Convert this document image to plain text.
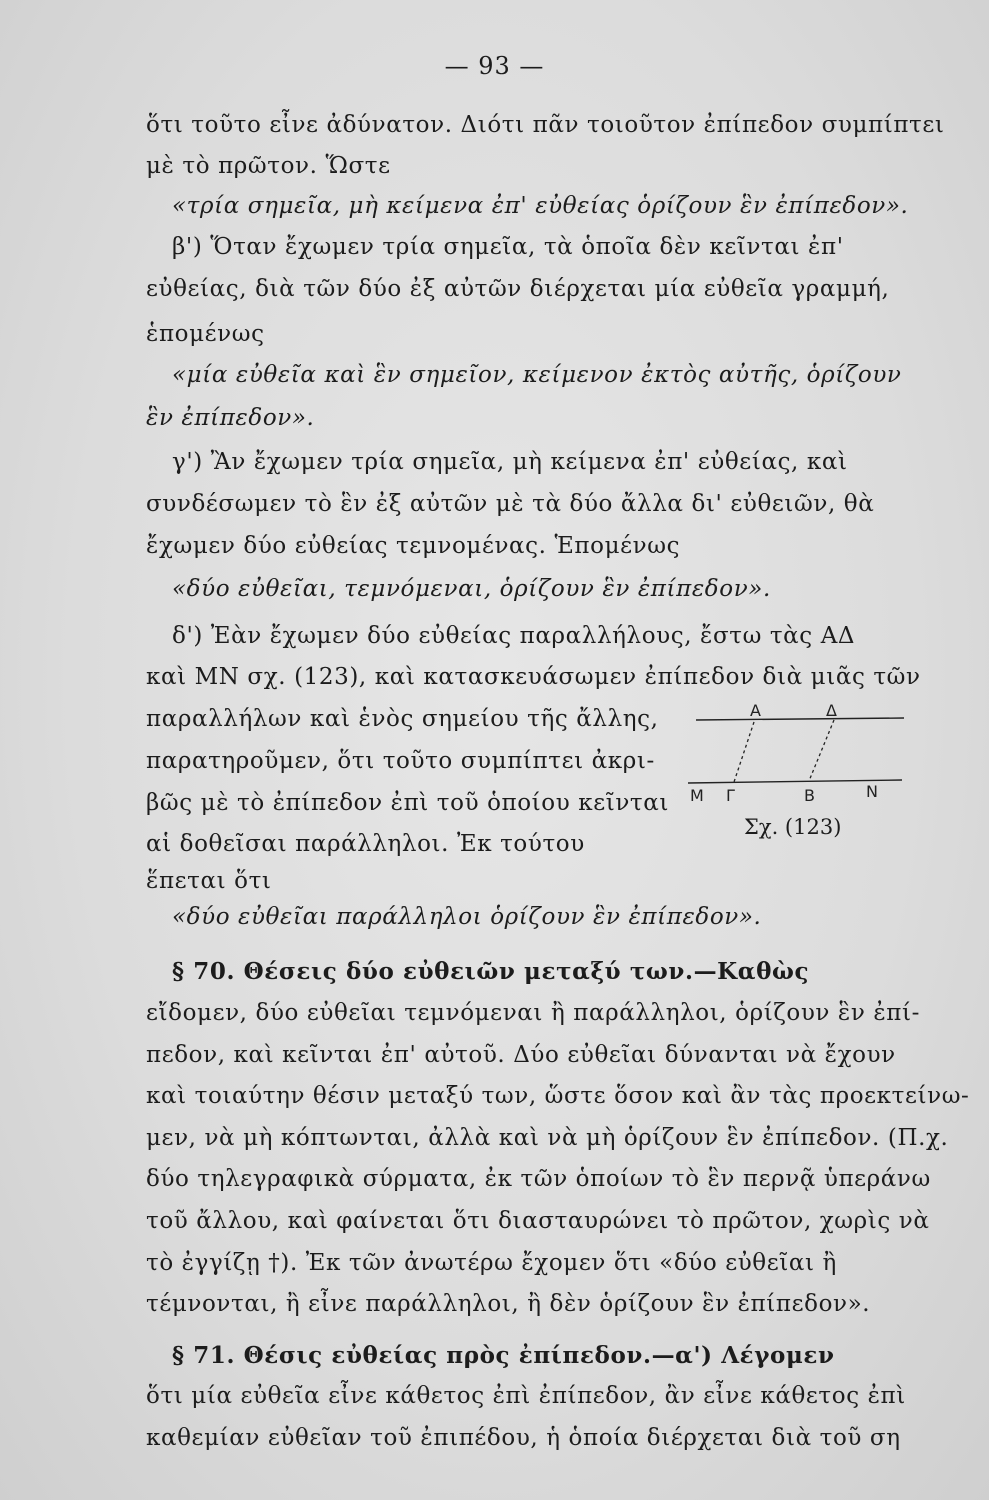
— 93 —
ὅτι τοῦτο εἶνε ἀδύνατον. Διότι πᾶν τοιοῦτον ἐπίπεδον συμπίπτει
μὲ τὸ πρῶτον. Ὥστε
«τρία σημεῖα, μὴ κείμενα ἐπ' εὐθείας ὁρίζουν ἓν ἐπίπεδον».
β') Ὅταν ἔχωμεν τρία σημεῖα, τὰ ὁποῖα δὲν κεῖνται ἐπ'
εὐθείας, διὰ τῶν δύο ἐξ αὐτῶν διέρχεται μία εὐθεῖα γραμμή,
ἑπομένως
«μία εὐθεῖα καὶ ἓν σημεῖον, κείμενον ἐκτὸς αὐτῆς, ὁρίζουν
ἓν ἐπίπεδον».
γ') Ἂν ἔχωμεν τρία σημεῖα, μὴ κείμενα ἐπ' εὐθείας, καὶ
συνδέσωμεν τὸ ἓν ἐξ αὐτῶν μὲ τὰ δύο ἄλλα δι' εὐθειῶν, θὰ
ἔχωμεν δύο εὐθείας τεμνομένας. Ἑπομένως
«δύο εὐθεῖαι, τεμνόμεναι, ὁρίζουν ἓν ἐπίπεδον».
δ') Ἐὰν ἔχωμεν δύο εὐθείας παραλλήλους, ἔστω τὰς ΑΔ
καὶ ΜΝ σχ. (123), καὶ κατασκευάσωμεν ἐπίπεδον διὰ μιᾶς τῶν
παραλλήλων καὶ ἑνὸς σημείου τῆς ἄλλης,
παρατηροῦμεν, ὅτι τοῦτο συμπίπτει ἀκρι-
βῶς μὲ τὸ ἐπίπεδον ἐπὶ τοῦ ὁποίου κεῖνται
αἱ δοθεῖσαι παράλληλοι. Ἐκ τούτου
ἕπεται ὅτι
«δύο εὐθεῖαι παράλληλοι ὁρίζουν ἓν ἐπίπεδον».
§ 70. Θέσεις δύο εὐθειῶν μεταξύ των.—Καθὼς
εἴδομεν, δύο εὐθεῖαι τεμνόμεναι ἢ παράλληλοι, ὁρίζουν ἓν ἐπί-
πεδον, καὶ κεῖνται ἐπ' αὐτοῦ. Δύο εὐθεῖαι δύνανται νὰ ἔχουν
καὶ τοιαύτην θέσιν μεταξύ των, ὥστε ὅσον καὶ ἂν τὰς προεκτείνω-
μεν, νὰ μὴ κόπτωνται, ἀλλὰ καὶ νὰ μὴ ὁρίζουν ἓν ἐπίπεδον. (Π.χ.
δύο τηλεγραφικὰ σύρματα, ἐκ τῶν ὁποίων τὸ ἓν περνᾷ ὑπεράνω
τοῦ ἄλλου, καὶ φαίνεται ὅτι διασταυρώνει τὸ πρῶτον, χωρὶς νὰ
τὸ ἐγγίζῃ †). Ἐκ τῶν ἀνωτέρω ἔχομεν ὅτι «δύο εὐθεῖαι ἢ
τέμνονται, ἢ εἶνε παράλληλοι, ἢ δὲν ὁρίζουν ἓν ἐπίπεδον».
§ 71. Θέσις εὐθείας πρὸς ἐπίπεδον.—α') Λέγομεν
ὅτι μία εὐθεῖα εἶνε κάθετος ἐπὶ ἐπίπεδον, ἂν εἶνε κάθετος ἐπὶ
καθεμίαν εὐθεῖαν τοῦ ἐπιπέδου, ἡ ὁποία διέρχεται διὰ τοῦ ση
Α	Δ
Μ Γ	Β	Ν
Σχ. (123)
